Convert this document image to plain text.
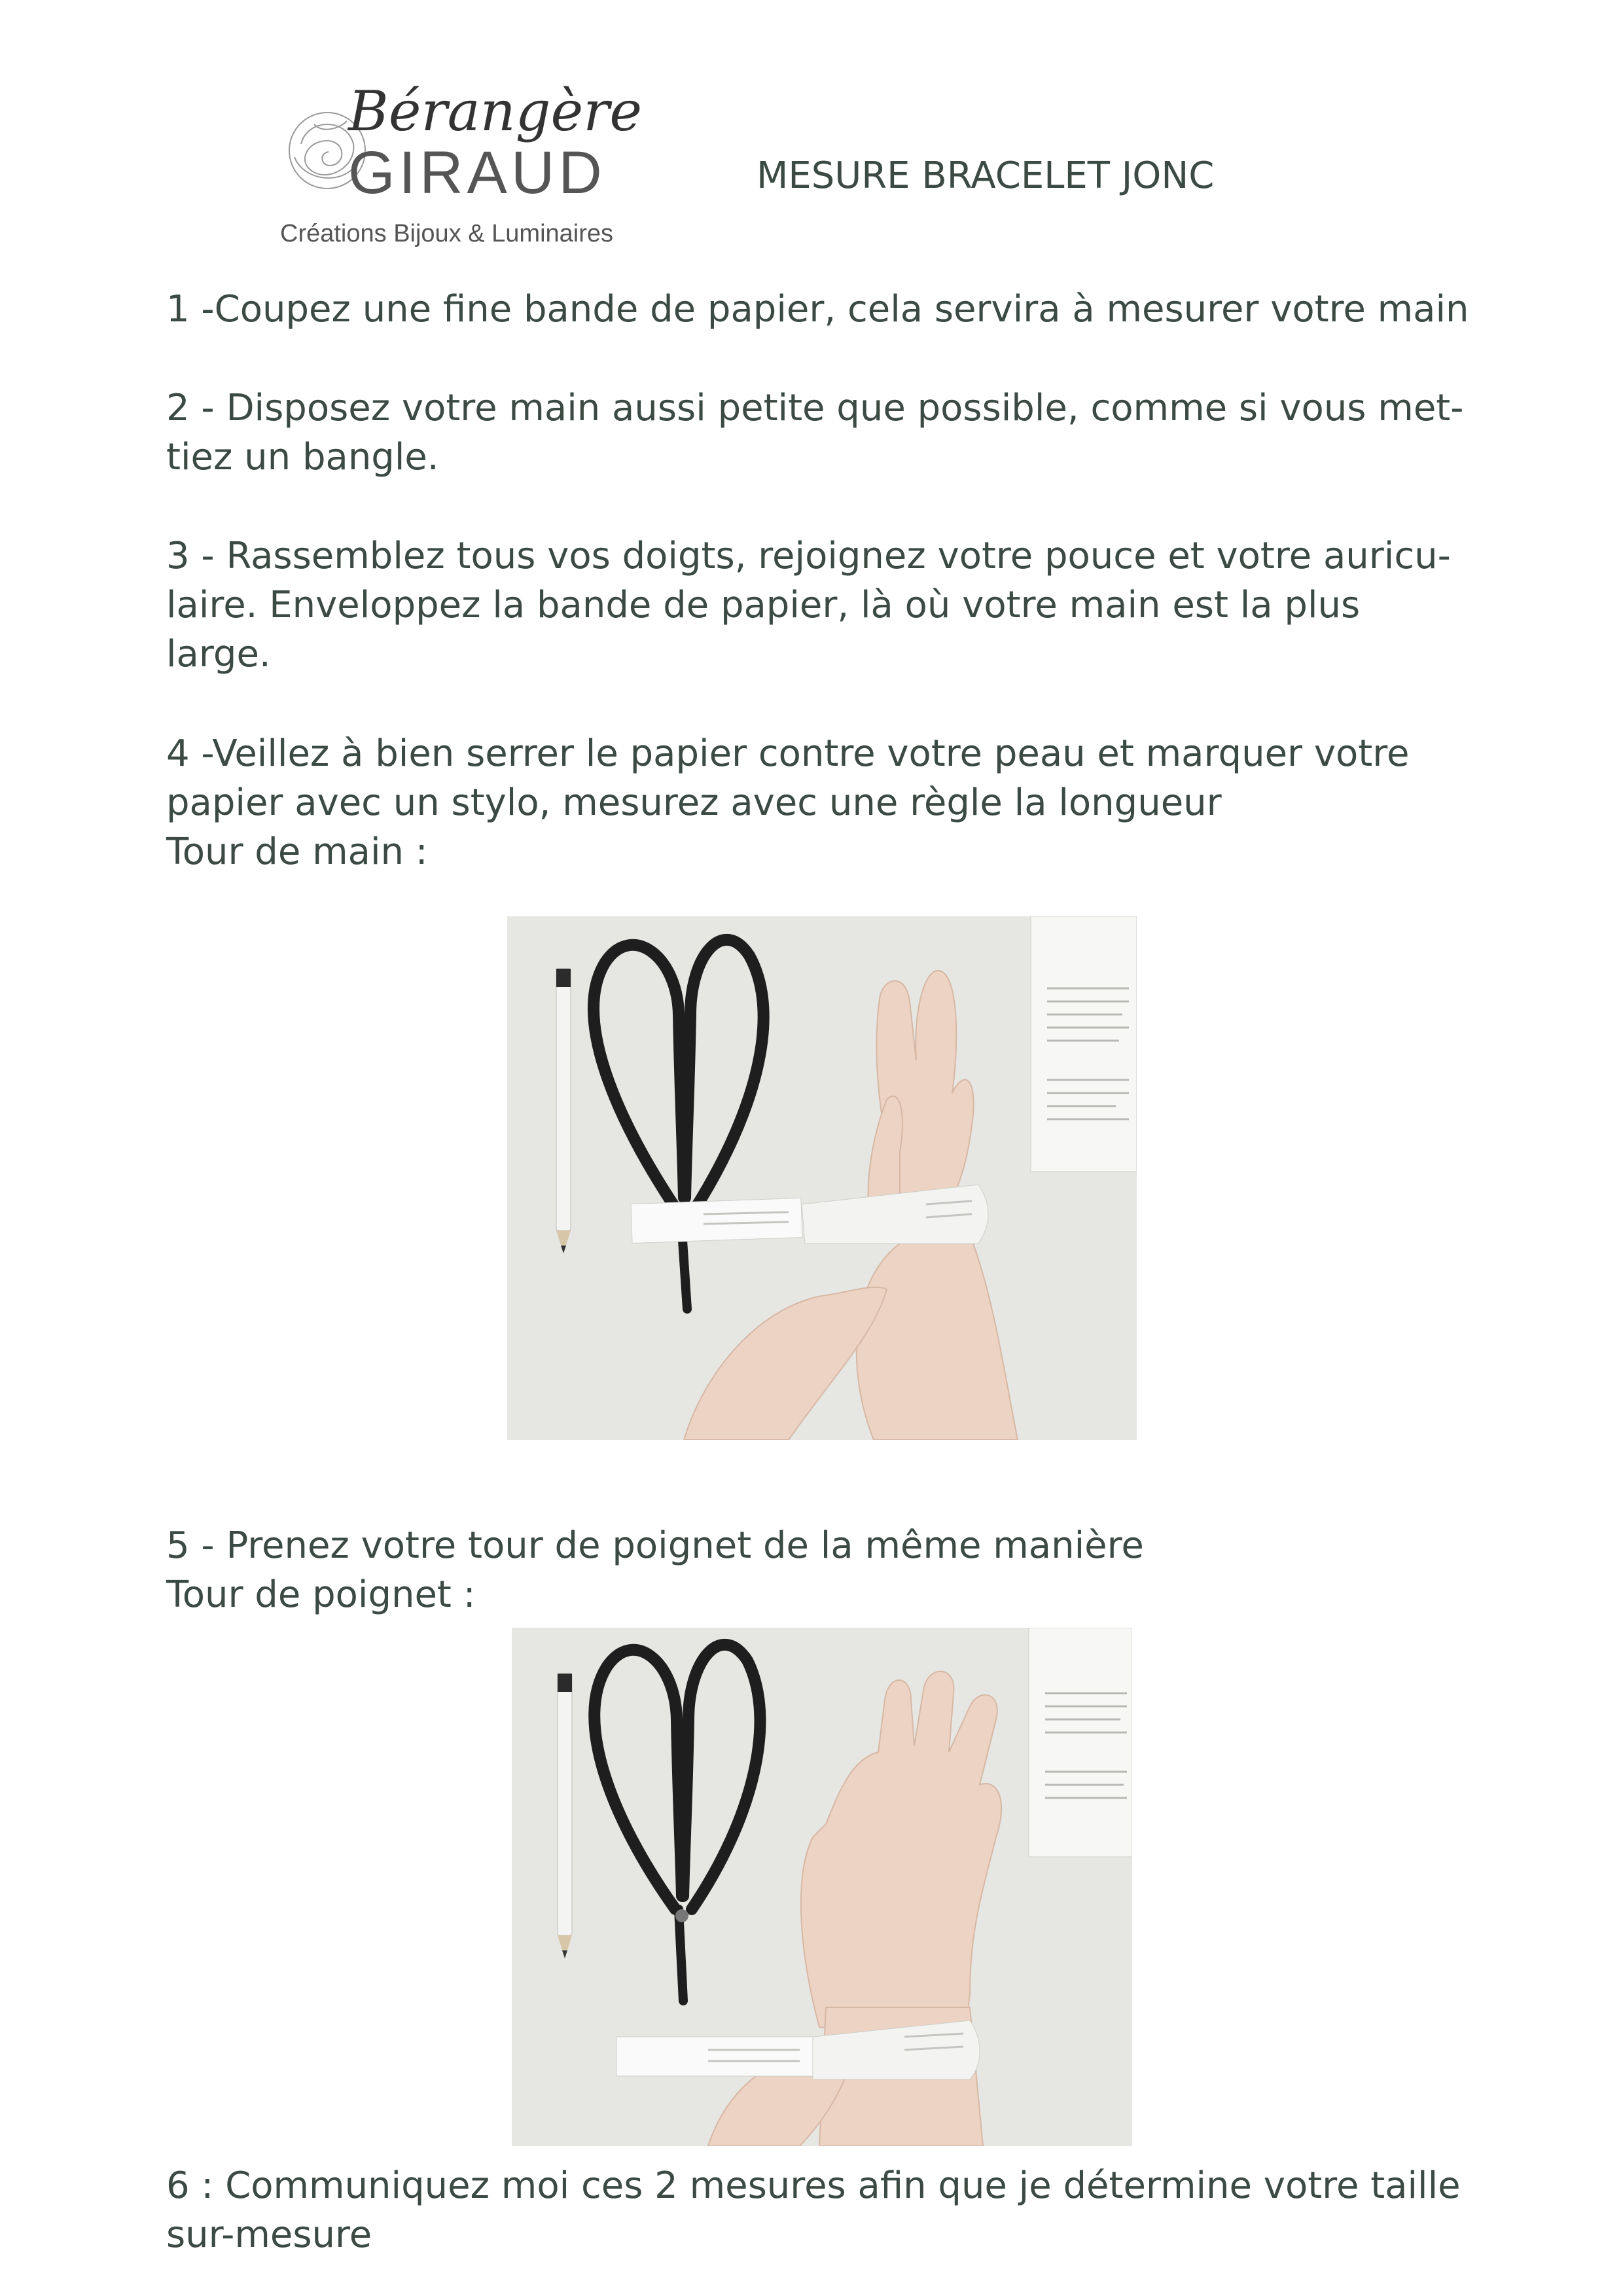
Bérangère
GIRAUD
Créations Bijoux & Luminaires
MESURE BRACELET JONC

1 -Coupez une fine bande de papier, cela servira à mesurer votre main

2 - Disposez votre main aussi petite que possible, comme si vous met-

tiez un bangle.

3 - Rassemblez tous vos doigts, rejoignez votre pouce et votre auricu-

laire. Enveloppez la bande de papier, là où votre main est la plus

large.

4 -Veillez à bien serrer le papier contre votre peau et marquer votre

papier avec un stylo, mesurez avec une règle la longueur

Tour de main :

5 - Prenez votre tour de poignet de la même manière

Tour de poignet :

6 : Communiquez moi ces 2 mesures afin que je détermine votre taille

sur-mesure
